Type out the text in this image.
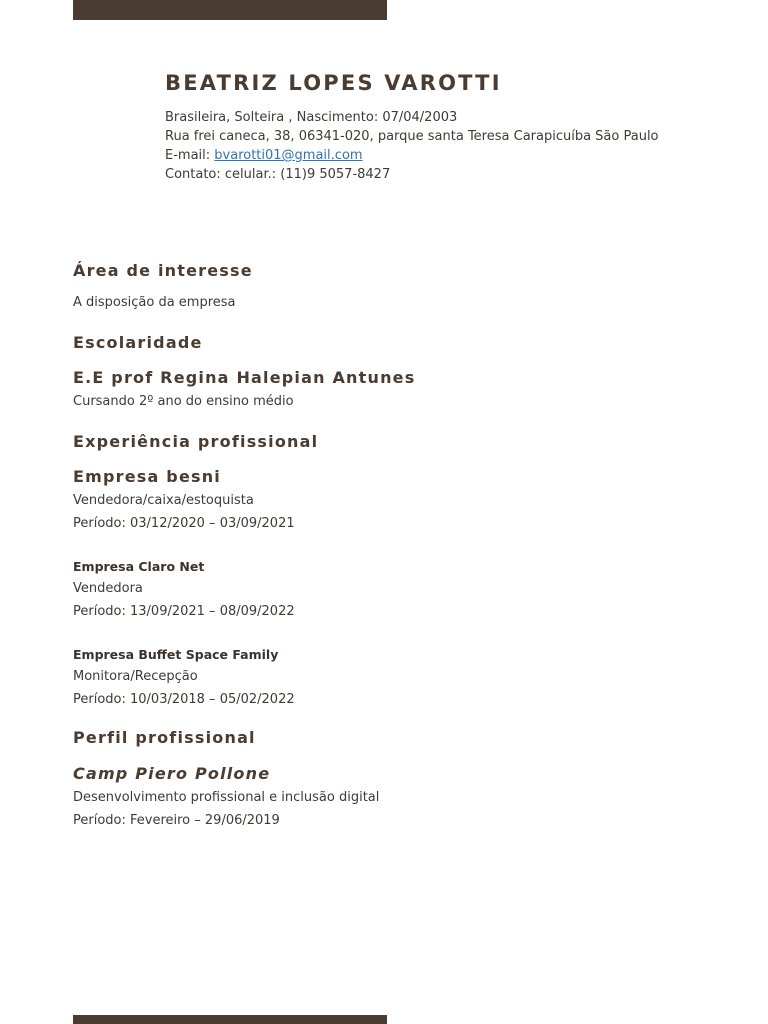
BEATRIZ LOPES VAROTTI
Brasileira, Solteira , Nascimento: 07/04/2003
Rua frei caneca, 38, 06341-020, parque santa Teresa Carapicuíba São Paulo
E-mail: bvarotti01@gmail.com
Contato: celular.: (11)9 5057-8427
Área de interesse
A disposição da empresa
Escolaridade
E.E prof Regina Halepian Antunes
Cursando 2º ano do ensino médio
Experiência profissional
Empresa besni
Vendedora/caixa/estoquista
Período: 03/12/2020 – 03/09/2021
Empresa Claro Net
Vendedora
Período: 13/09/2021 – 08/09/2022
Empresa Buffet Space Family
Monitora/Recepção
Período: 10/03/2018 – 05/02/2022
Perfil profissional
Camp Piero Pollone
Desenvolvimento profissional e inclusão digital
Período: Fevereiro – 29/06/2019
